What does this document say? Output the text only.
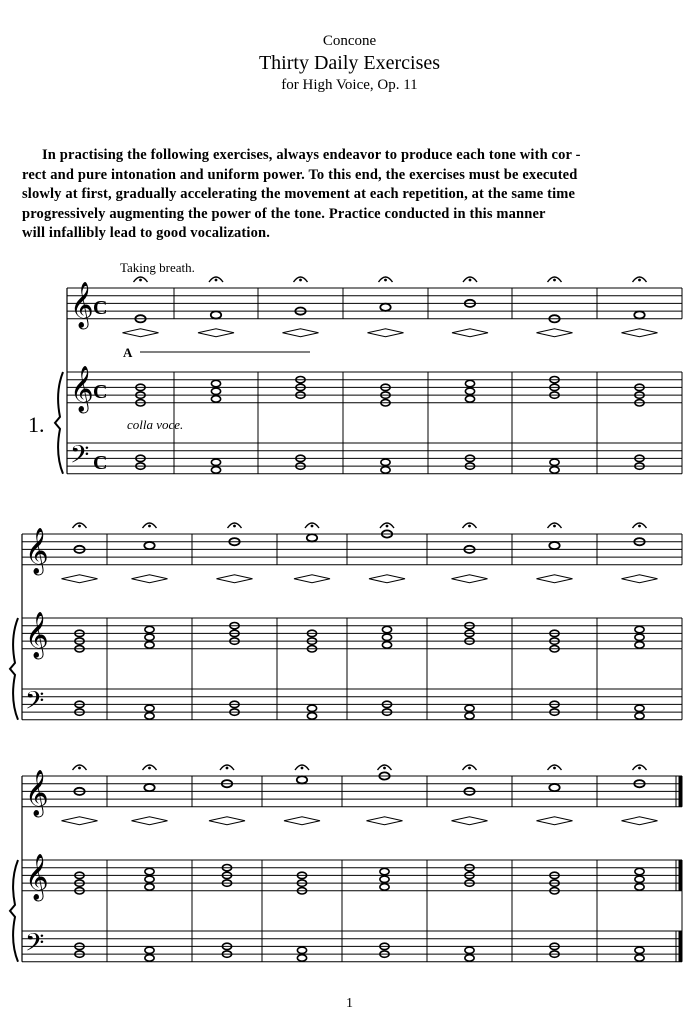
Concone
Thirty Daily Exercises
for High Voice, Op. 11
In practising the following exercises, always endeavor to produce each tone with cor -
rect and pure intonation and uniform power. To this end, the exercises must be executed
slowly at first, gradually accelerating the movement at each repetition, at the same time
progressively augmenting the power of the tone. Practice conducted in this manner
will infallibly lead to good vocalization.
Taking breath.
A
colla voce.
1.
𝄞
𝄞
𝄢
𝄞
𝄞
𝄢
𝄞
𝄞
𝄢
C
C
C
1
